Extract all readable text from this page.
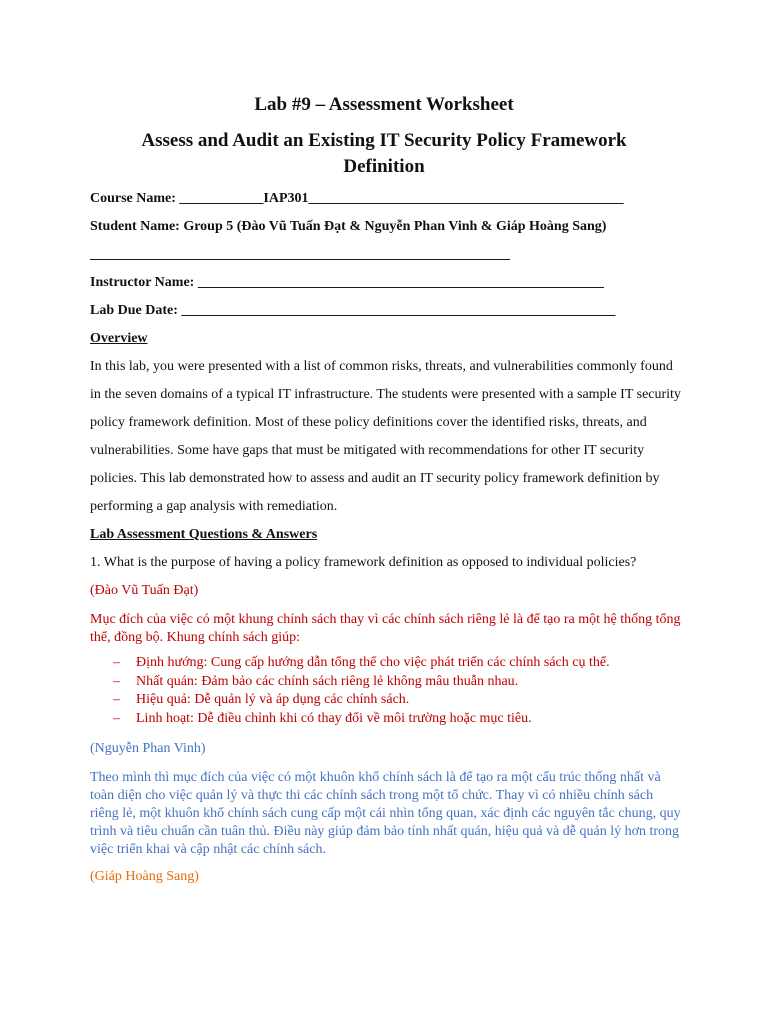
Lab #9 – Assessment Worksheet
Assess and Audit an Existing IT Security Policy Framework
Definition
Course Name: ____________IAP301_____________________________________________
Student Name: Group 5 (Đào Vũ Tuấn Đạt & Nguyễn Phan Vinh & Giáp Hoàng Sang)
____________________________________________________________
Instructor Name: __________________________________________________________
Lab Due Date: ______________________________________________________________
Overview
In this lab, you were presented with a list of common risks, threats, and vulnerabilities commonly found
in the seven domains of a typical IT infrastructure. The students were presented with a sample IT security
policy framework definition. Most of these policy definitions cover the identified risks, threats, and
vulnerabilities. Some have gaps that must be mitigated with recommendations for other IT security
policies. This lab demonstrated how to assess and audit an IT security policy framework definition by
performing a gap analysis with remediation.
Lab Assessment Questions & Answers
1. What is the purpose of having a policy framework definition as opposed to individual policies?
(Đào Vũ Tuấn Đạt)
Mục đích của việc có một khung chính sách thay vì các chính sách riêng lẻ là để tạo ra một hệ thống tổng thể, đồng bộ. Khung chính sách giúp:
– Định hướng: Cung cấp hướng dẫn tổng thể cho việc phát triển các chính sách cụ thể.
– Nhất quán: Đảm bảo các chính sách riêng lẻ không mâu thuẫn nhau.
– Hiệu quả: Dễ quản lý và áp dụng các chính sách.
– Linh hoạt: Dễ điều chỉnh khi có thay đổi về môi trường hoặc mục tiêu.
(Nguyễn Phan Vinh)
Theo mình thì mục đích của việc có một khuôn khổ chính sách là để tạo ra một cấu trúc thống nhất và toàn diện cho việc quản lý và thực thi các chính sách trong một tổ chức. Thay vì có nhiều chính sách riêng lẻ, một khuôn khổ chính sách cung cấp một cái nhìn tổng quan, xác định các nguyên tắc chung, quy trình và tiêu chuẩn cần tuân thủ. Điều này giúp đảm bảo tính nhất quán, hiệu quả và dễ quản lý hơn trong việc triển khai và cập nhật các chính sách.
(Giáp Hoàng Sang)
